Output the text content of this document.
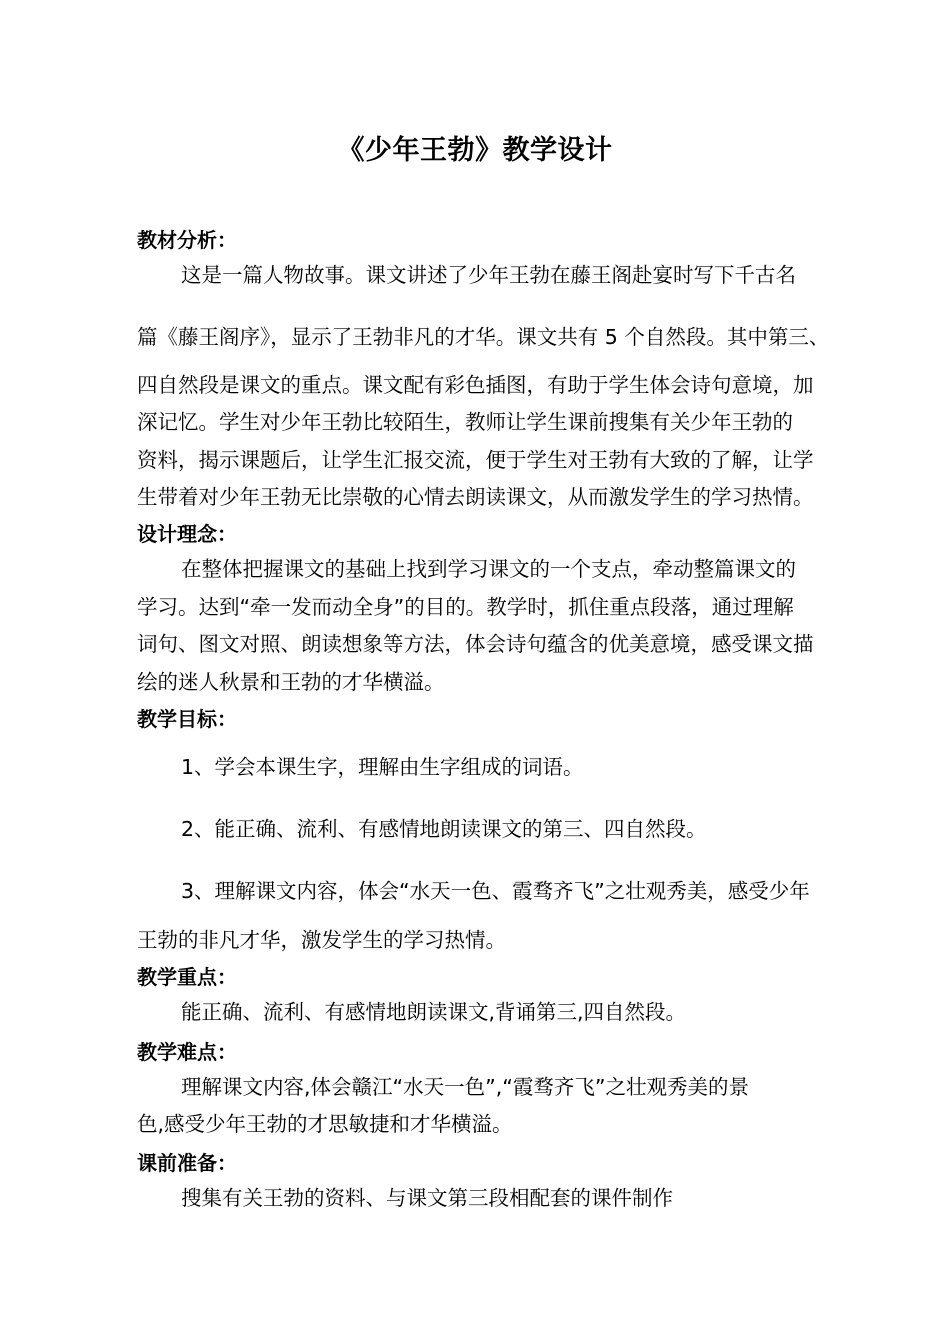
《少年王勃》教学设计
教材分析：
这是一篇人物故事。课文讲述了少年王勃在藤王阁赴宴时写下千古名
篇《藤王阁序》，显示了王勃非凡的才华。课文共有 5 个自然段。其中第三、
四自然段是课文的重点。课文配有彩色插图，有助于学生体会诗句意境，加
深记忆。学生对少年王勃比较陌生，教师让学生课前搜集有关少年王勃的
资料，揭示课题后，让学生汇报交流，便于学生对王勃有大致的了解，让学
生带着对少年王勃无比崇敬的心情去朗读课文，从而激发学生的学习热情。
设计理念：
在整体把握课文的基础上找到学习课文的一个支点，牵动整篇课文的
学习。达到“牵一发而动全身”的目的。教学时，抓住重点段落，通过理解
词句、图文对照、朗读想象等方法，体会诗句蕴含的优美意境，感受课文描
绘的迷人秋景和王勃的才华横溢。
教学目标：
1、学会本课生字，理解由生字组成的词语。
2、能正确、流利、有感情地朗读课文的第三、四自然段。
3、理解课文内容，体会“水天一色、霞骛齐飞”之壮观秀美，感受少年
王勃的非凡才华，激发学生的学习热情。
教学重点：
能正确、流利、有感情地朗读课文,背诵第三,四自然段。
教学难点：
理解课文内容,体会赣江“水天一色”,“霞骛齐飞”之壮观秀美的景
色,感受少年王勃的才思敏捷和才华横溢。
课前准备：
搜集有关王勃的资料、与课文第三段相配套的课件制作
